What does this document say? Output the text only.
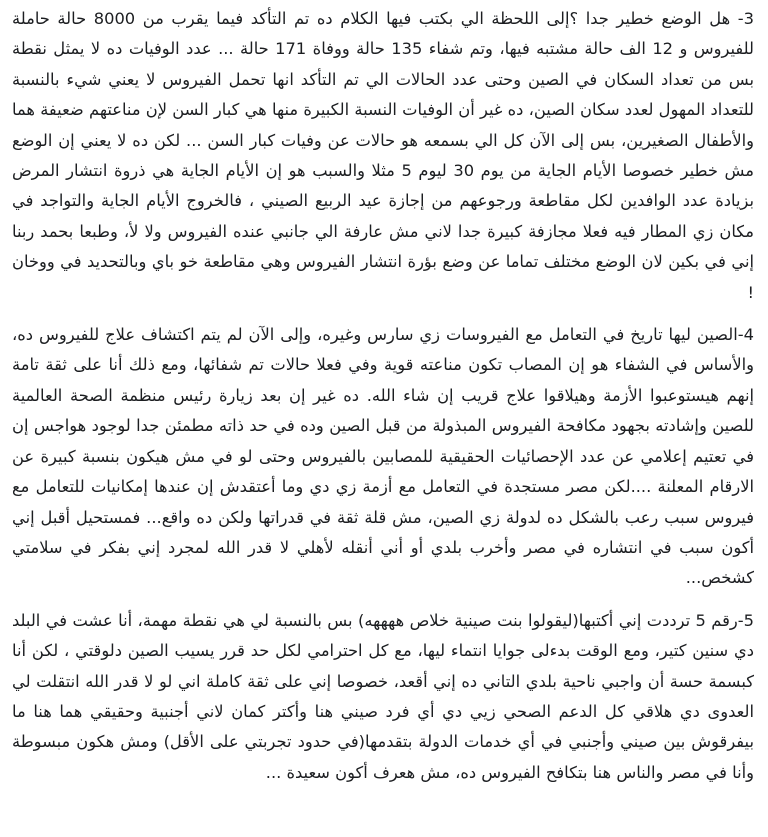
3- هل الوضع خطير جدا ؟إلى اللحظة الي بكتب فيها الكلام ده تم التأكد فيما يقرب من 8000 حالة حاملة للفيروس و 12 الف حالة مشتبه فيها، وتم شفاء 135 حالة ووفاة 171 حالة ... عدد الوفيات ده لا يمثل نقطة بس من تعداد السكان في الصين وحتى عدد الحالات الي تم التأكد انها تحمل الفيروس لا يعني شيء بالنسبة للتعداد المهول لعدد سكان الصين، ده غير أن الوفيات النسبة الكبيرة منها هي كبار السن لإن مناعتهم ضعيفة هما والأطفال الصغيرين، بس إلى الآن كل الي بسمعه هو حالات عن وفيات كبار السن ... لكن ده لا يعني إن الوضع مش خطير خصوصا الأيام الجاية من يوم 30 ليوم 5 مثلا والسبب هو إن الأيام الجاية هي ذروة انتشار المرض بزيادة عدد الوافدين لكل مقاطعة ورجوعهم من إجازة عيد الربيع الصيني ، فالخروج الأيام الجاية والتواجد في مكان زي المطار فيه فعلا مجازفة كبيرة جدا لاني مش عارفة الي جانبي عنده الفيروس ولا لأ، وطبعا بحمد ربنا إني في بكين لان الوضع مختلف تماما عن وضع بؤرة انتشار الفيروس وهي مقاطعة خو باي وبالتحديد في ووخان !

4-الصين ليها تاريخ في التعامل مع الفيروسات زي سارس وغيره، وإلى الآن لم يتم اكتشاف علاج للفيروس ده، والأساس في الشفاء هو إن المصاب تكون مناعته قوية وفي فعلا حالات تم شفائها، ومع ذلك أنا على ثقة تامة إنهم هيستوعبوا الأزمة وهيلاقوا علاج قريب إن شاء الله. ده غير إن بعد زيارة رئيس منظمة الصحة العالمية للصين وإشادته بجهود مكافحة الفيروس المبذولة من قبل الصين وده في حد ذاته مطمئن جدا لوجود هواجس إن في تعتيم إعلامي عن عدد الإحصائيات الحقيقية للمصابين بالفيروس وحتى لو في مش هيكون بنسبة كبيرة عن الارقام المعلنة ....لكن مصر مستجدة في التعامل مع أزمة زي دي وما أعتقدش إن عندها إمكانيات للتعامل مع فيروس سبب رعب بالشكل ده لدولة زي الصين، مش قلة ثقة في قدراتها ولكن ده واقع... فمستحيل أقبل إني أكون سبب في انتشاره في مصر وأخرب بلدي أو أني أنقله لأهلي لا قدر الله لمجرد إني بفكر في سلامتي كشخص...

5-رقم 5 ترددت إني أكتبها(ليقولوا بنت صينية خلاص ههههه) بس بالنسبة لي هي نقطة مهمة، أنا عشت في البلد دي سنين كتير، ومع الوقت بدءلى جوايا انتماء ليها، مع كل احترامي لكل حد قرر يسيب الصين دلوقتي ، لكن أنا كبسمة حسة أن واجبي ناحية بلدي التاني ده إني أقعد، خصوصا إني على ثقة كاملة اني لو لا قدر الله انتقلت لي العدوى دي هلاقي كل الدعم الصحي زيي دي أي فرد صيني هنا وأكتر كمان لاني أجنبية وحقيقي هما هنا ما بيفرقوش بين صيني وأجنبي في أي خدمات الدولة بتقدمها(في حدود تجربتي على الأقل) ومش هكون مبسوطة وأنا في مصر والناس هنا بتكافح الفيروس ده، مش هعرف أكون سعيدة ...
